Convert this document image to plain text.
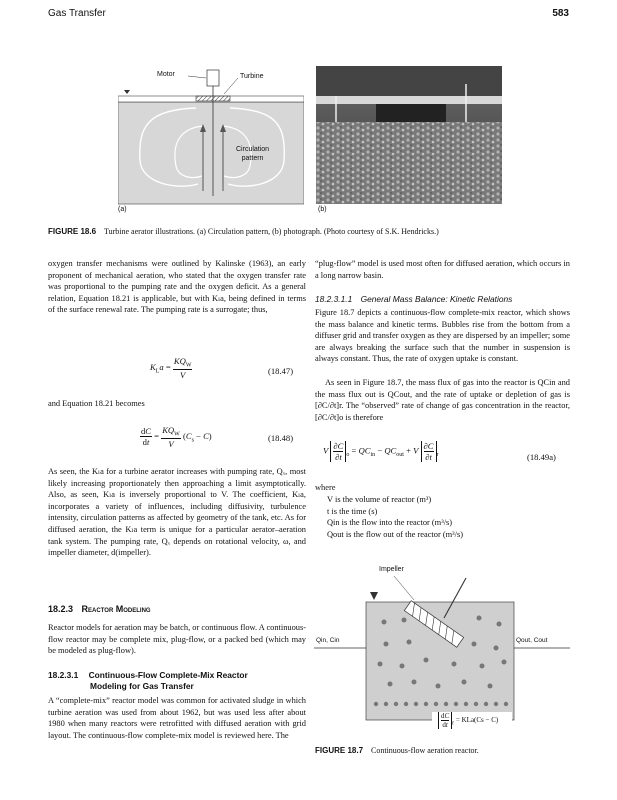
Gas Transfer	583
Motor	Turbine
Circulation
pattern
(a)	(b)
FIGURE 18.6 Turbine aerator illustrations. (a) Circulation pattern, (b) photograph. (Photo courtesy of S.K. Hendricks.)
oxygen transfer mechanisms were outlined by Kalinske (1963), an early proponent of mechanical aeration, who stated that the oxygen transfer rate was proportional to the pumping rate and the oxygen deficit. As a general relation, Equation 18.21 is applicable, but with Kₗa, being defined in terms of the surface renewal rate. The pumping rate is a surrogate; thus,
$K_La$ =
$KQ_W$
V	(18.47)
and Equation 18.21 becomes
$\frac{dC}{dt}$ =
$KQ_W$
V
$(C_s - C)$	(18.48)
As seen, the Kₗa for a turbine aerator increases with pumping rate, Qₓ, most likely increasing proportionately then approaching a limit asymptotically. Also, as seen, Kₗa is inversely proportional to V. The coefficient, Kₗa, incorporates a variety of influences, including diffusivity, turbulence intensity, circulation patterns as affected by geometry of the tank, etc. As for diffused aeration, the Kₗa term is unique for a particular aerator–aeration tank system. The pumping rate, Qₓ depends on rotational velocity, ω, and impeller diameter, d(impeller).
18.2.3 Reactor Modeling
Reactor models for aeration may be batch, or continuous flow. A continuous-flow reactor may be complete mix, plug-flow, or a packed bed (which may be modeled as plug-flow).
18.2.3.1 Continuous-Flow Complete-Mix Reactor
Modeling for Gas Transfer
A “complete-mix” reactor model was common for activated sludge in which turbine aeration was used from about 1962, but was used less after about 1980 when many reactors were retrofitted with diffused aeration with grid layout. The continuous-flow complete-mix model is reviewed here. The
“plug-flow” model is used most often for diffused aeration, which occurs in a long narrow basin.
18.2.3.1.1 General Mass Balance: Kinetic Relations
Figure 18.7 depicts a continuous-flow complete-mix reactor, which shows the mass balance and kinetic terms. Bubbles rise from the bottom from a diffuser grid and transfer oxygen as they are dispersed by an impeller; some are always breaking the surface such that the number in suspension is always constant. Thus, the rate of oxygen uptake is constant.
As seen in Figure 18.7, the mass flux of gas into the reactor is QCin and the mass flux out is QCout, and the rate of uptake or depletion of gas is [∂C/∂t]r. The “observed” rate of change of gas concentration in the reactor, [∂C/∂t]o is therefore
V $\frac{\partial C}{\partial t} _o = QC_{in} - QC_{out} + V \frac{\partial C}{\partial t} _r$	(18.49a)
where
V is the volume of reactor (m³)
t is the time (s)
Qin is the flow into the reactor (m³/s)
Qout is the flow out of the reactor (m³/s)
Impeller
Qin, Cin	Qout, Cout
$\frac{dC}{dt} _r = KLa(Cs - C)$
FIGURE 18.7 Continuous-flow aeration reactor.
